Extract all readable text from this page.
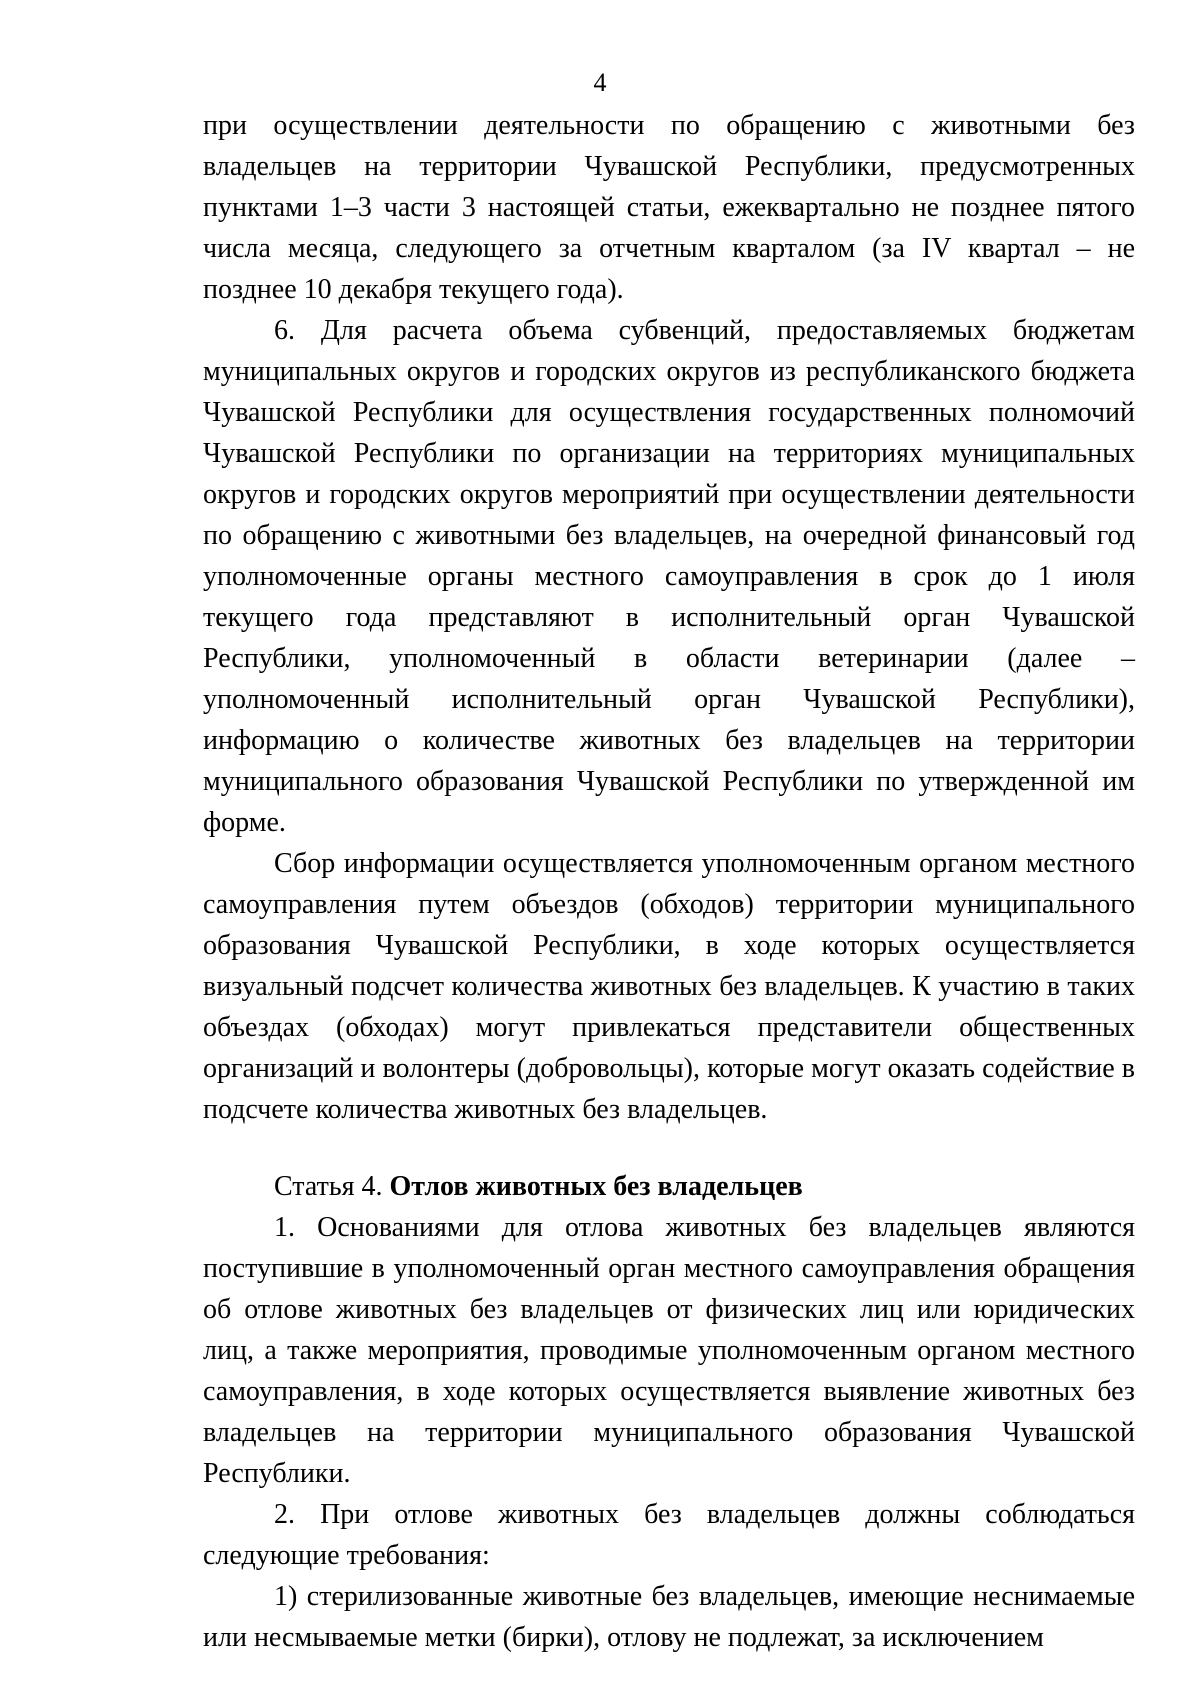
4

при осуществлении деятельности по обращению с животными без владельцев на территории Чувашской Республики, предусмотренных пунктами 1–3 части 3 настоящей статьи, ежеквартально не позднее пятого числа месяца, следующего за отчетным кварталом (за IV квартал – не позднее 10 декабря текущего года).

6. Для расчета объема субвенций, предоставляемых бюджетам муниципальных округов и городских округов из республиканского бюджета Чувашской Республики для осуществления государственных полномочий Чувашской Республики по организации на территориях муниципальных округов и городских округов мероприятий при осуществлении деятельности по обращению с животными без владельцев, на очередной финансовый год уполномоченные органы местного самоуправления в срок до 1 июля текущего года представляют в исполнительный орган Чувашской Республики, уполномоченный в области ветеринарии (далее – уполномоченный исполнительный орган Чувашской Республики), информацию о количестве животных без владельцев на территории муниципального образования Чувашской Республики по утвержденной им форме.

Сбор информации осуществляется уполномоченным органом местного самоуправления путем объездов (обходов) территории муниципального образования Чувашской Республики, в ходе которых осуществляется визуальный подсчет количества животных без владельцев. К участию в таких объездах (обходах) могут привлекаться представители общественных организаций и волонтеры (добровольцы), которые могут оказать содействие в подсчете количества животных без владельцев.

Статья 4. Отлов животных без владельцев

1. Основаниями для отлова животных без владельцев являются поступившие в уполномоченный орган местного самоуправления обращения об отлове животных без владельцев от физических лиц или юридических лиц, а также мероприятия, проводимые уполномоченным органом местного самоуправления, в ходе которых осуществляется выявление животных без владельцев на территории муниципального образования Чувашской Республики.

2. При отлове животных без владельцев должны соблюдаться следующие требования:

1) стерилизованные животные без владельцев, имеющие неснимаемые или несмываемые метки (бирки), отлову не подлежат, за исключением
